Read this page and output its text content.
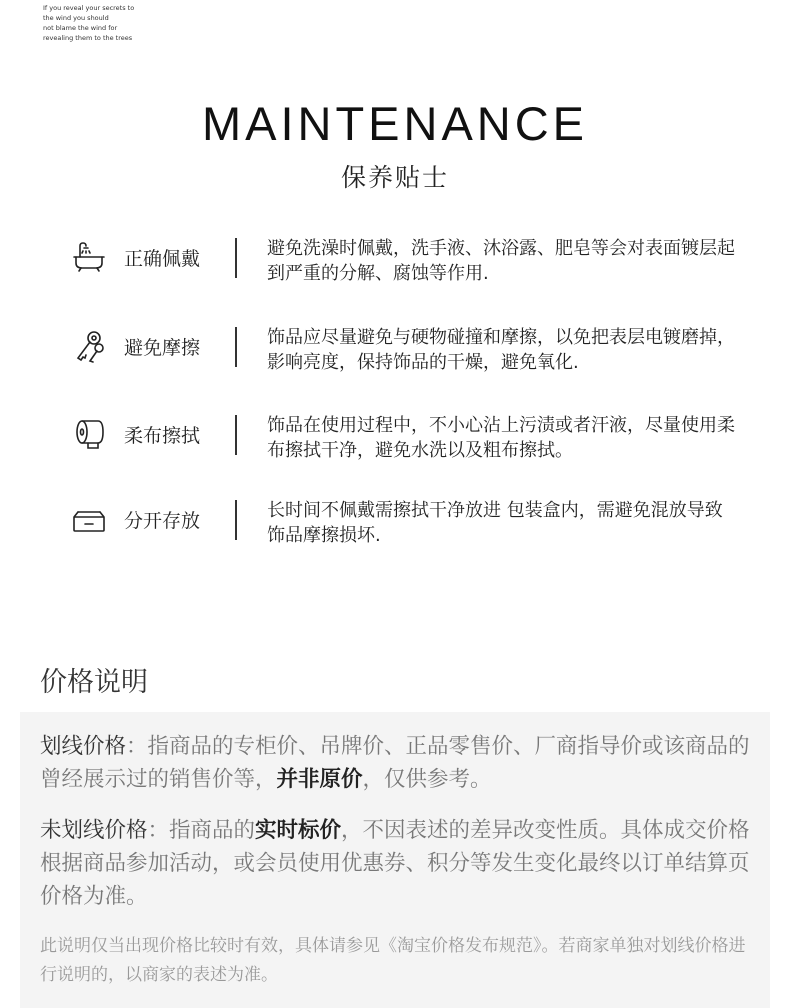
If you reveal your secrets to
the wind you should
not blame the wind for
revealing them to the trees
MAINTENANCE
保养贴士
正确佩戴	避免洗澡时佩戴，洗手液、沐浴露、肥皂等会对表面镀层起到严重的分解、腐蚀等作用.
避免摩擦	饰品应尽量避免与硬物碰撞和摩擦，以免把表层电镀磨掉，影响亮度，保持饰品的干燥，避免氧化.
柔布擦拭	饰品在使用过程中，不小心沾上污渍或者汗液，尽量使用柔布擦拭干净，避免水洗以及粗布擦拭。
分开存放	长时间不佩戴需擦拭干净放进 包装盒内，需避免混放导致饰品摩擦损坏.
价格说明
划线价格：指商品的专柜价、吊牌价、正品零售价、厂商指导价或该商品的曾经展示过的销售价等，并非原价，仅供参考。
未划线价格：指商品的实时标价，不因表述的差异改变性质。具体成交价格根据商品参加活动，或会员使用优惠券、积分等发生变化最终以订单结算页价格为准。
此说明仅当出现价格比较时有效，具体请参见《淘宝价格发布规范》。若商家单独对划线价格进行说明的，以商家的表述为准。
